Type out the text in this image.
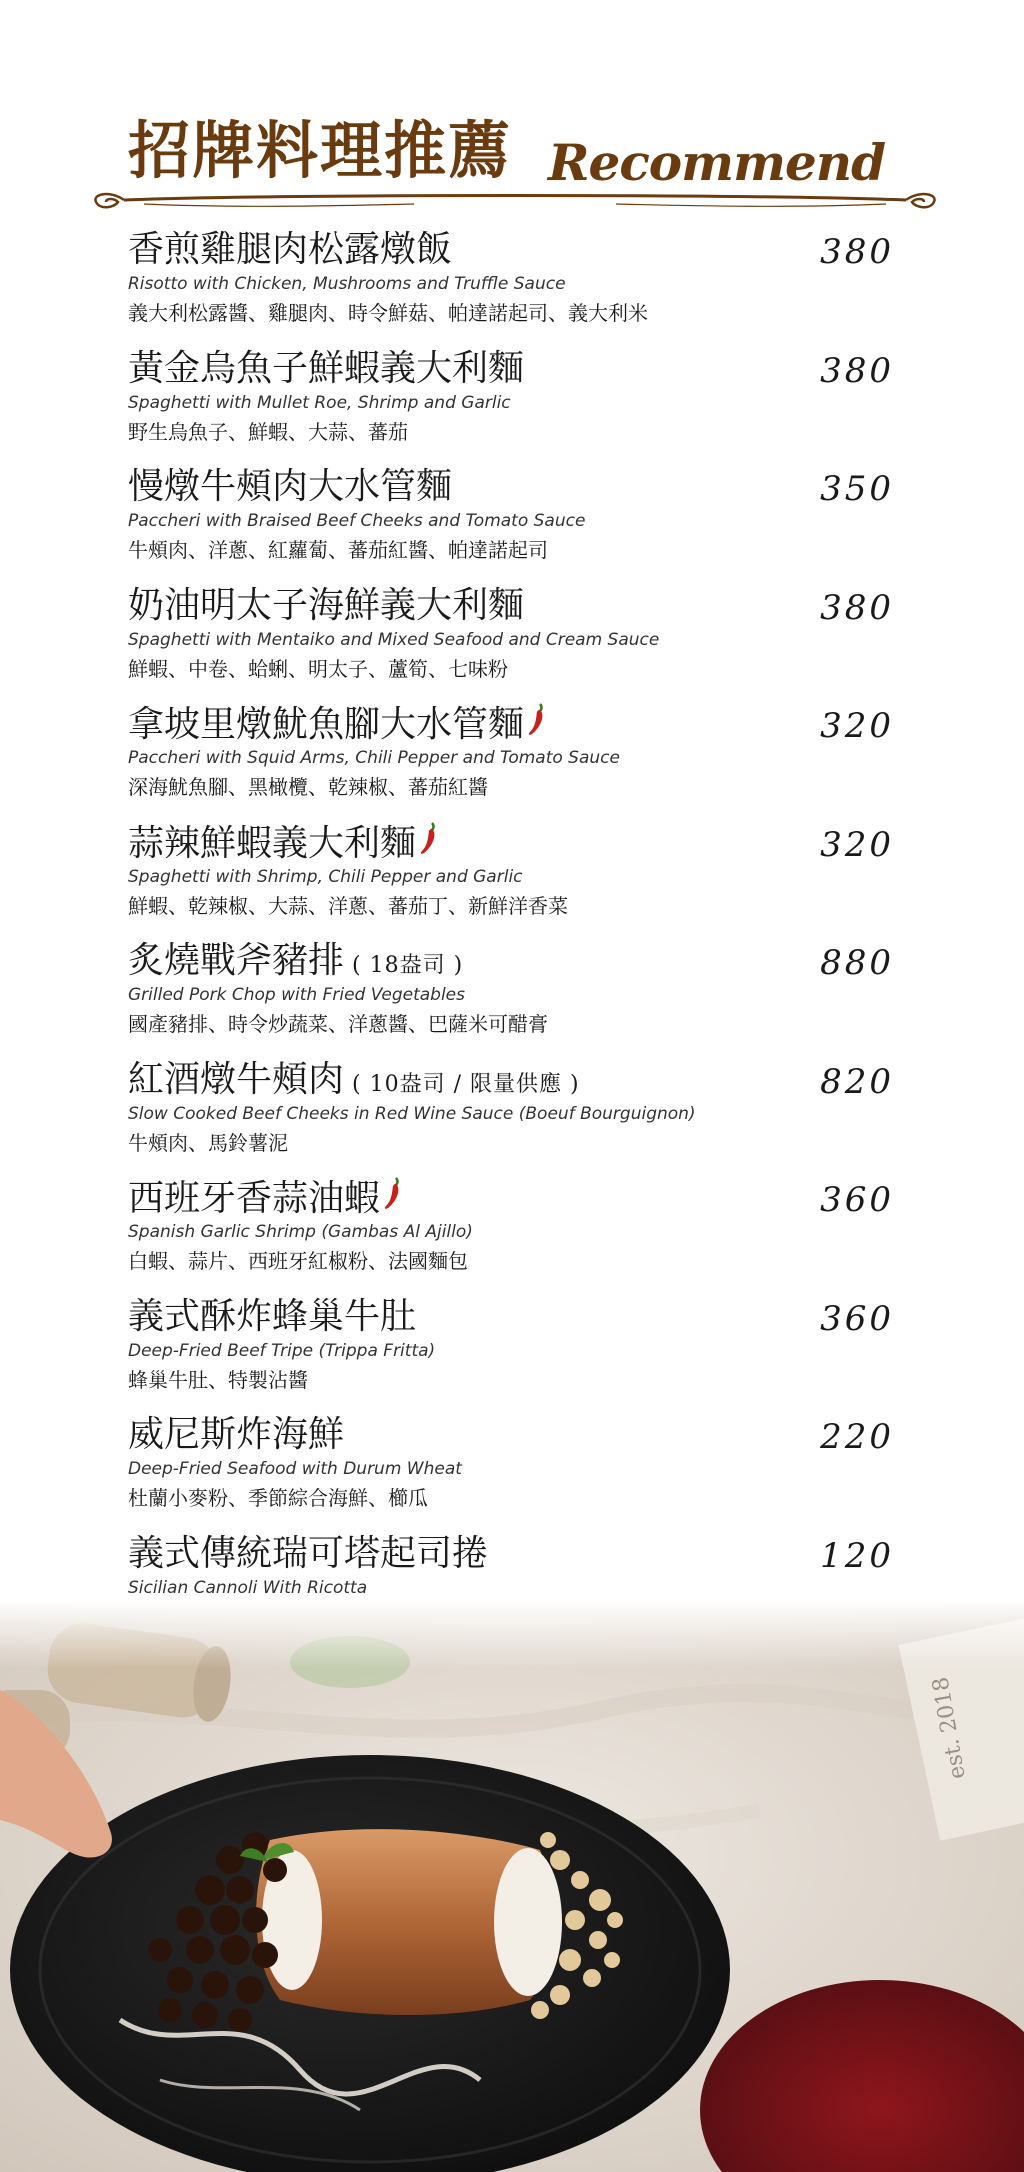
招牌料理推薦 Recommend
香煎雞腿肉松露燉飯	380
Risotto with Chicken, Mushrooms and Truffle Sauce
義大利松露醬、雞腿肉、時令鮮菇、帕達諾起司、義大利米
黃金烏魚子鮮蝦義大利麵	380
Spaghetti with Mullet Roe, Shrimp and Garlic
野生烏魚子、鮮蝦、大蒜、蕃茄
慢燉牛頰肉大水管麵	350
Paccheri with Braised Beef Cheeks and Tomato Sauce
牛頰肉、洋蔥、紅蘿蔔、蕃茄紅醬、帕達諾起司
奶油明太子海鮮義大利麵	380
Spaghetti with Mentaiko and Mixed Seafood and Cream Sauce
鮮蝦、中卷、蛤蜊、明太子、蘆筍、七味粉
拿坡里燉魷魚腳大水管麵	320
Paccheri with Squid Arms, Chili Pepper and Tomato Sauce
深海魷魚腳、黑橄欖、乾辣椒、蕃茄紅醬
蒜辣鮮蝦義大利麵	320
Spaghetti with Shrimp, Chili Pepper and Garlic
鮮蝦、乾辣椒、大蒜、洋蔥、蕃茄丁、新鮮洋香菜
炙燒戰斧豬排 ( 18盎司 )	880
Grilled Pork Chop with Fried Vegetables
國產豬排、時令炒蔬菜、洋蔥醬、巴薩米可醋膏
紅酒燉牛頰肉 ( 10盎司 / 限量供應 )	820
Slow Cooked Beef Cheeks in Red Wine Sauce (Boeuf Bourguignon)
牛頰肉、馬鈴薯泥
西班牙香蒜油蝦	360
Spanish Garlic Shrimp (Gambas Al Ajillo)
白蝦、蒜片、西班牙紅椒粉、法國麵包
義式酥炸蜂巢牛肚	360
Deep-Fried Beef Tripe (Trippa Fritta)
蜂巢牛肚、特製沾醬
威尼斯炸海鮮	220
Deep-Fried Seafood with Durum Wheat
杜蘭小麥粉、季節綜合海鮮、櫛瓜
義式傳統瑞可塔起司捲	120
Sicilian Cannoli With Ricotta
